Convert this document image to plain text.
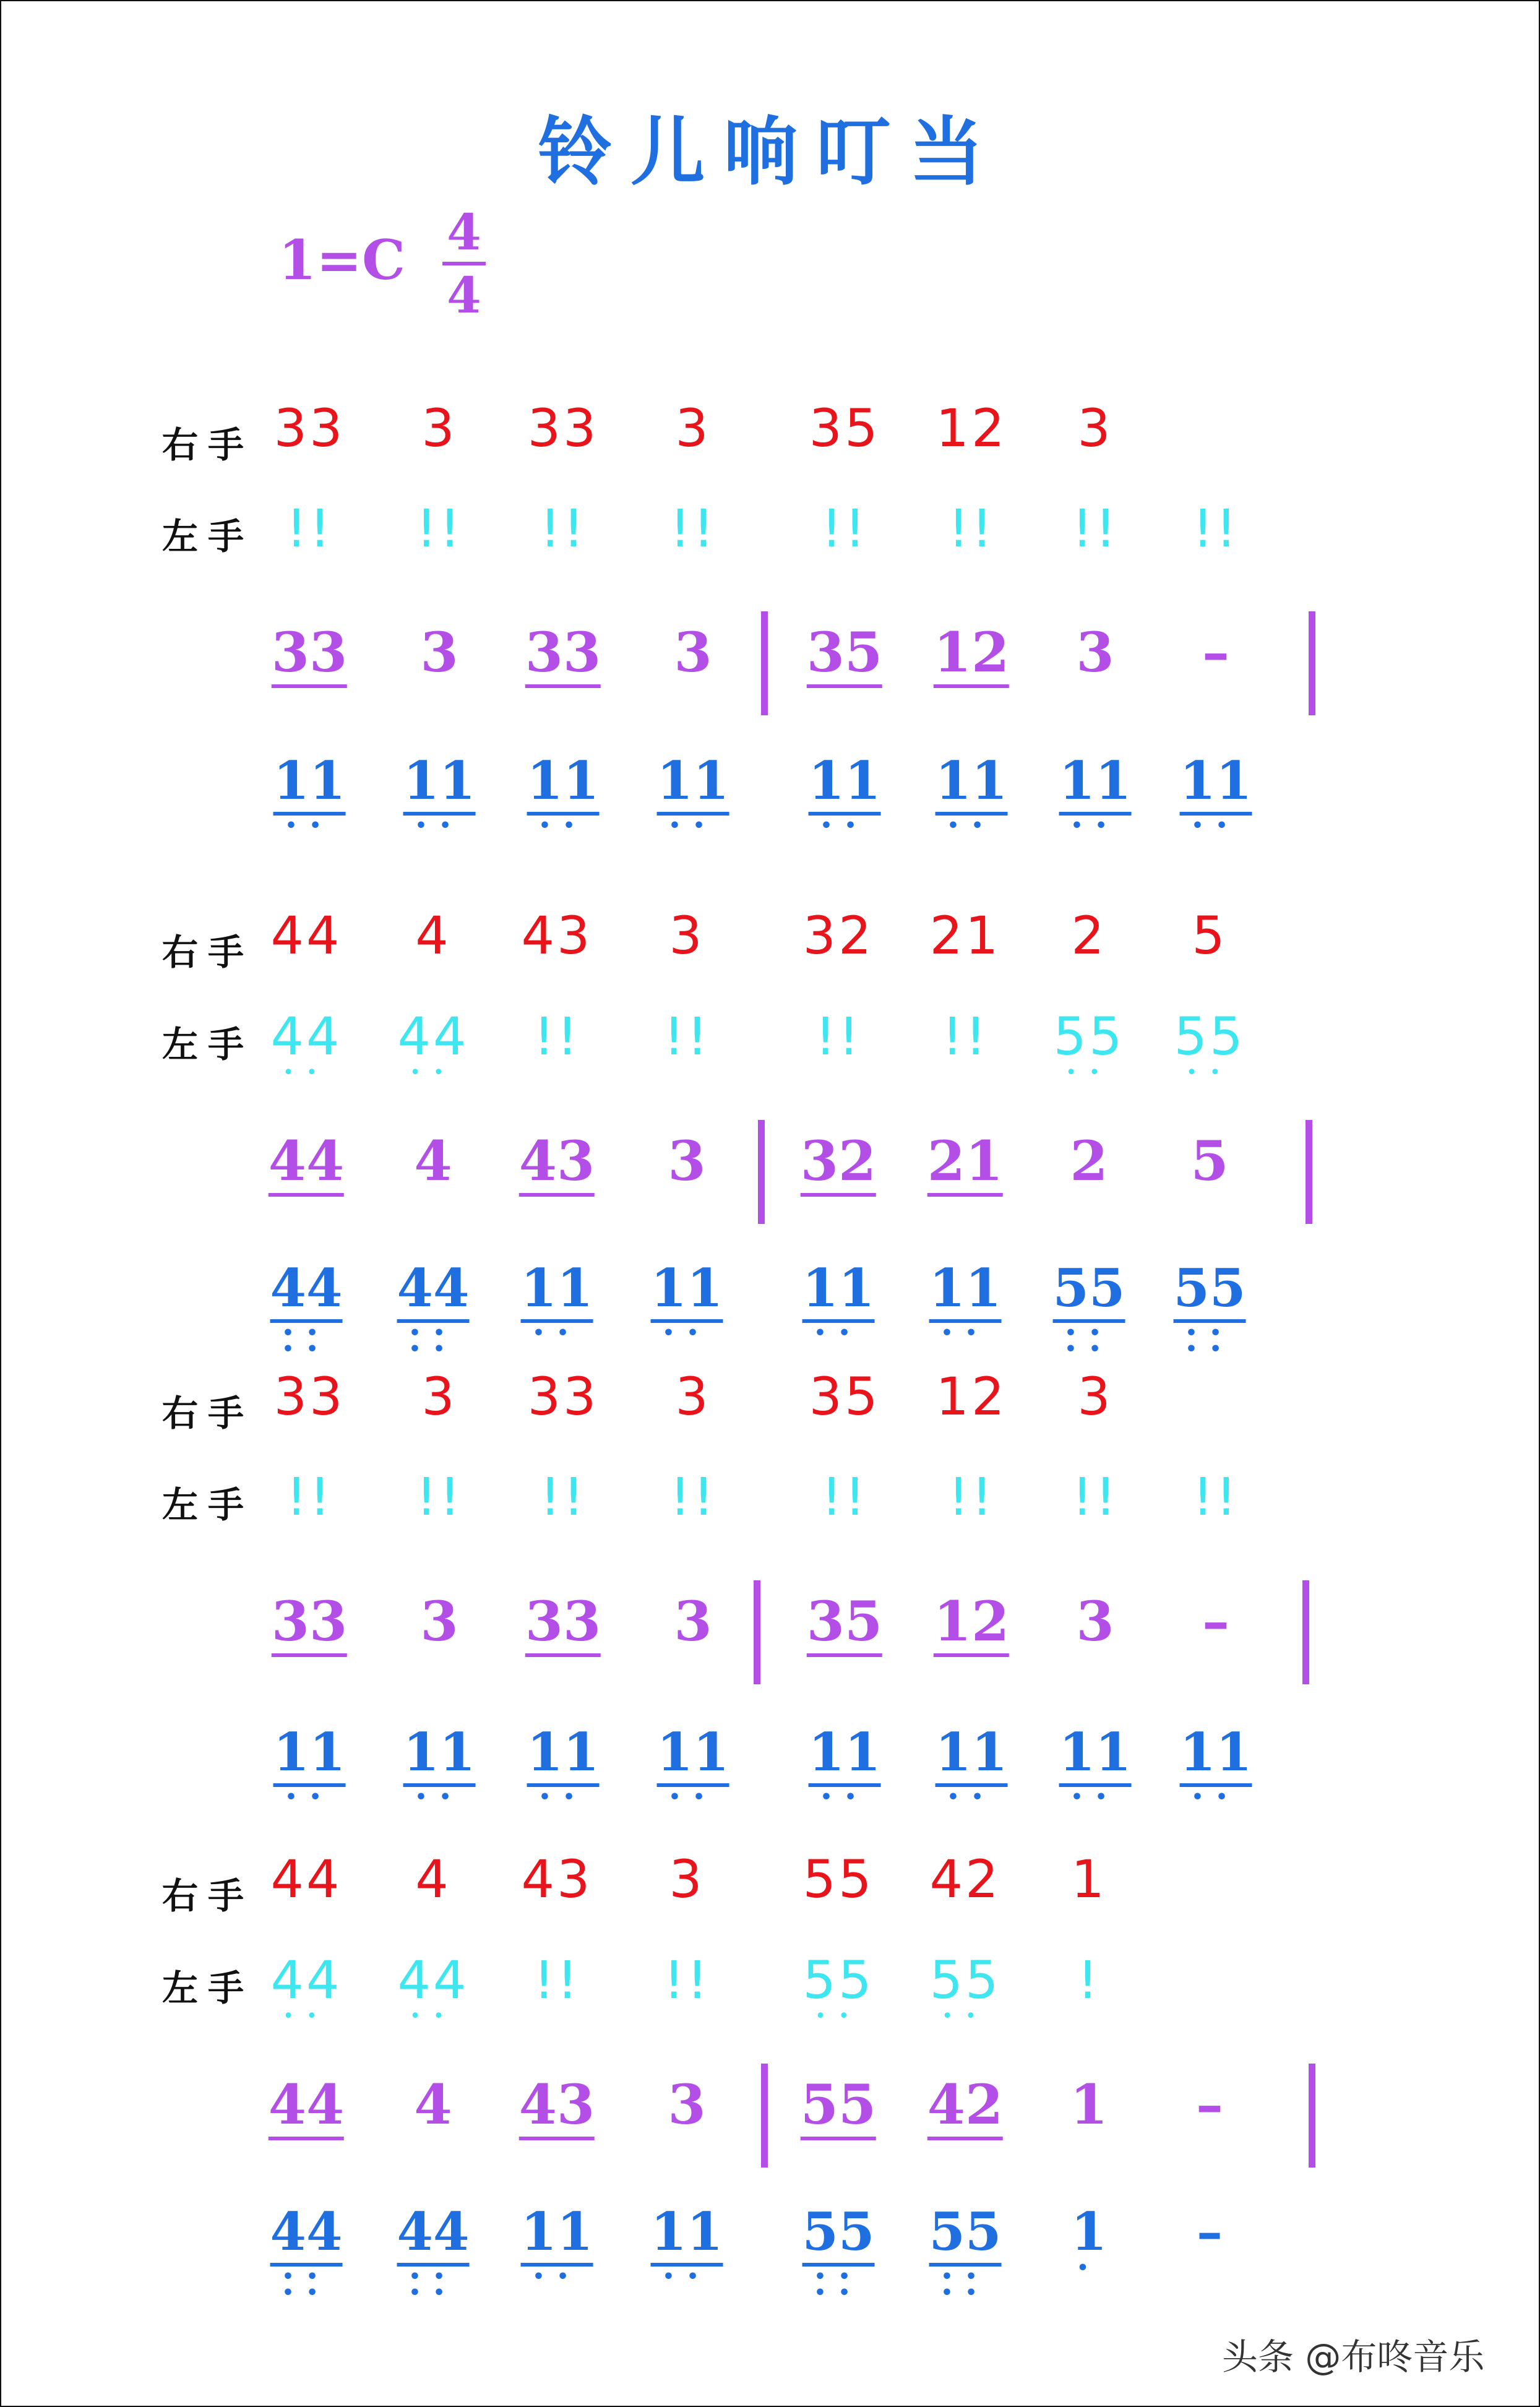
铃儿响叮当
1=C 4
4
右手
左手
33 3 33 3 35 12 3
!! !! !! !! !! !! !! !!
33 3 33 3 35 12 3 –
11
••
11
••
11
••
11
••
11
••
11
••
11
••
11
••
右手
左手
44 4 43 3 32 21 2 5
44
••
44
••
!! !! !! !! 55
••
55
••
44 4 43 3 32 21 2 5
44
••
••
44
••
••
11
••
11
••
11
••
11
••
55
••
••
55
••
••
右手
左手
33 3 33 3 35 12 3
!! !! !! !! !! !! !! !!
33 3 33 3 35 12 3 –
11
••
11
••
11
••
11
••
11
••
11
••
11
••
11
••
右手
左手
44 4 43 3 55 42 1
44
••
44
••
!! !! 55
••
55
••
!
44 4 43 3 55 42 1 –
44
••
••
44
••
••
11
••
11
••
55
••
••
55
••
••
1
•
–
头条 @布咚音乐
